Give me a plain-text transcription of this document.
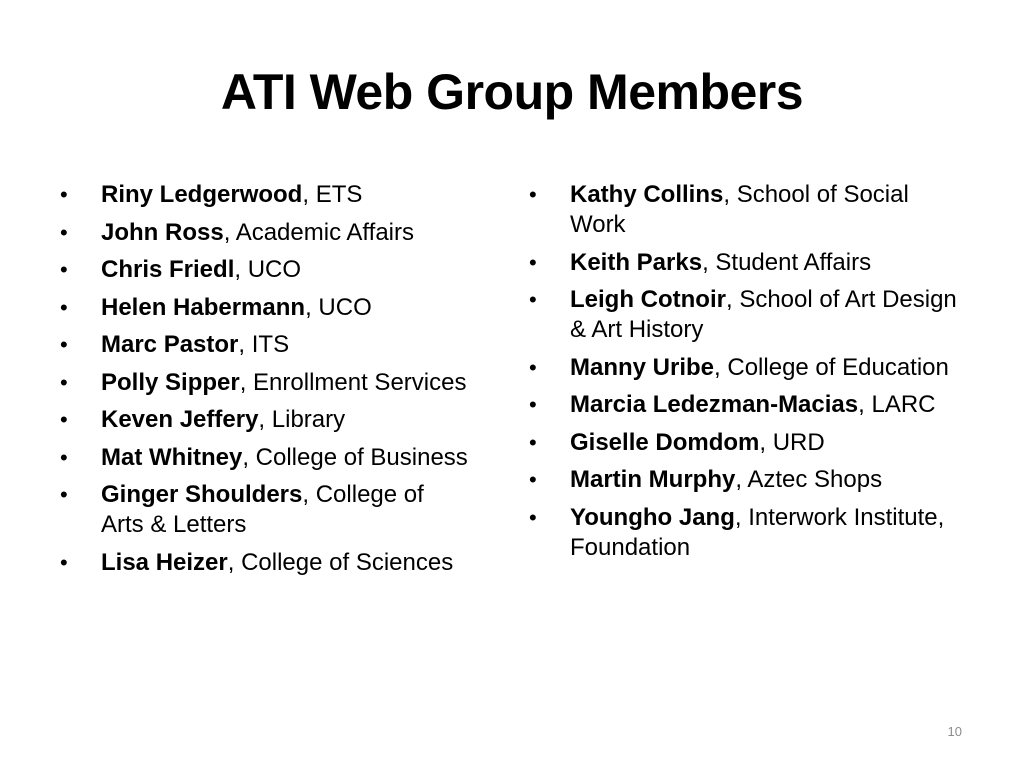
ATI Web Group Members
•	Riny Ledgerwood, ETS
•	John Ross, Academic Affairs
•	Chris Friedl, UCO
•	Helen Habermann, UCO
•	Marc Pastor, ITS
•	Polly Sipper, Enrollment Services
•	Keven Jeffery, Library
•	Mat Whitney, College of Business
•	Ginger Shoulders, College of Arts & Letters
•	Lisa Heizer, College of Sciences
•	Kathy Collins, School of Social Work
•	Keith Parks, Student Affairs
•	Leigh Cotnoir, School of Art Design & Art History
•	Manny Uribe, College of Education
•	Marcia Ledezman-Macias, LARC
•	Giselle Domdom, URD
•	Martin Murphy, Aztec Shops
•	Youngho Jang, Interwork Institute, Foundation
10
